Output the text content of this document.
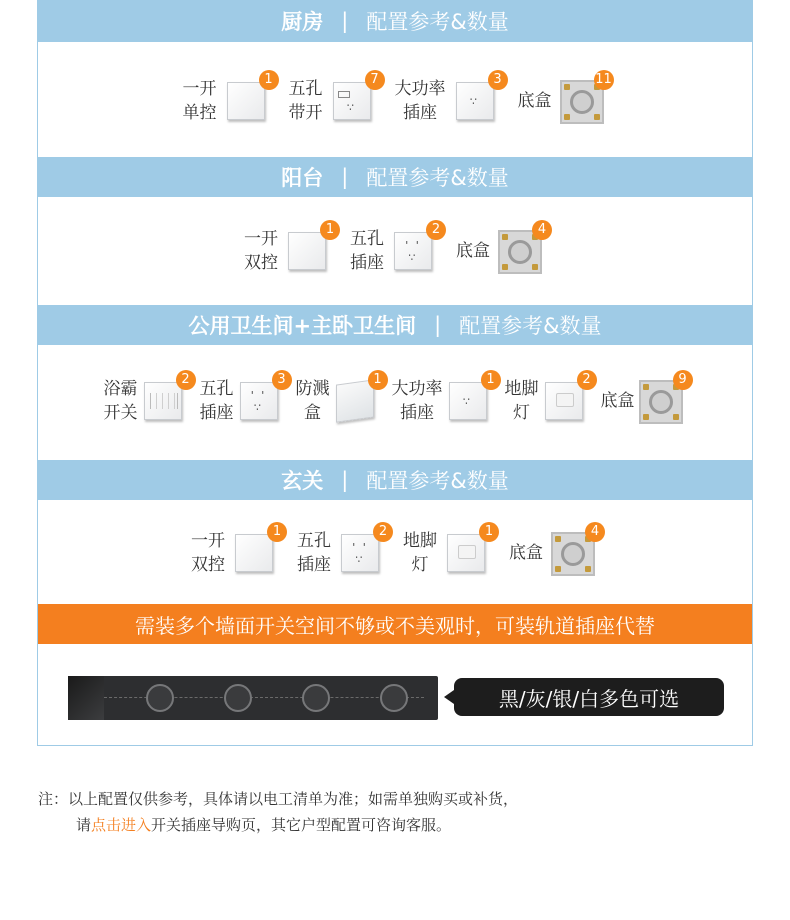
厨房 | 配置参考&数量
一开
单控
1 五孔
带开	∵
7 大功率
插座
∵
3
底盒
11
阳台 | 配置参考&数量
一开
双控
1 五孔
插座
' '
∵
2
底盒
4
公用卫生间+主卧卫生间 | 配置参考&数量
浴霸
开关
2 五孔
插座
' '
∵
3 防溅
盒
1 大功率
插座
∵
1 地脚
灯
2
底盒
9
玄关 | 配置参考&数量
一开
双控
1 五孔
插座
' '
∵
2 地脚
灯
1
底盒
4
需装多个墙面开关空间不够或不美观时，可装轨道插座代替
黑/灰/银/白多色可选
注：以上配置仅供参考，具体请以电工清单为准；如需单独购买或补货，
请点击进入开关插座导购页，其它户型配置可咨询客服。
